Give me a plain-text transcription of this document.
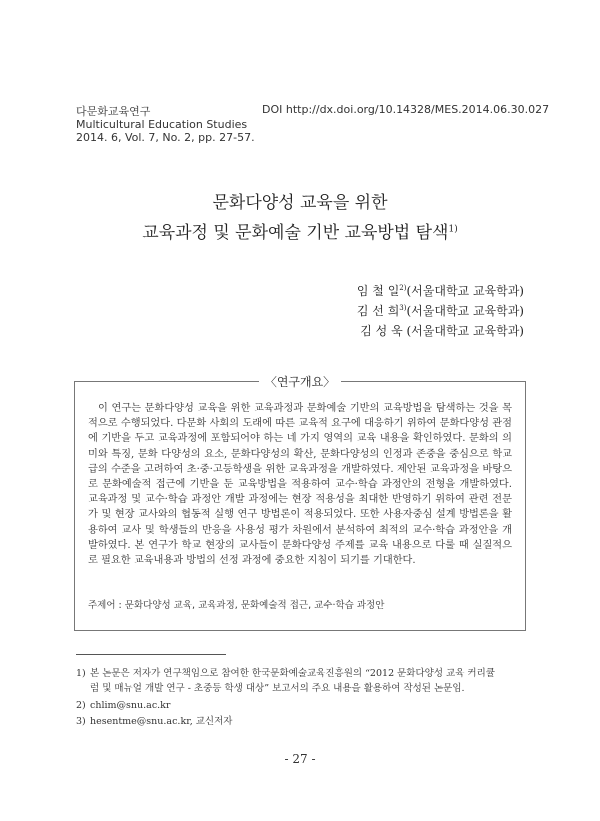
다문화교육연구	DOI http://dx.doi.org/10.14328/MES.2014.06.30.027
Multicultural Education Studies
2014. 6, Vol. 7, No. 2, pp. 27-57.
문화다양성 교육을 위한
교육과정 및 문화예술 기반 교육방법 탐색$^{1)}$
임 철 일$^{2)}$(서울대학교 교육학과)
김 선 희$^{3)}$(서울대학교 교육학과)
김 성 욱 (서울대학교 교육학과)
〈연구개요〉
이 연구는 문화다양성 교육을 위한 교육과정과 문화예술 기반의 교육방법을 탐색하는 것을 목적으로 수행되었다. 다문화 사회의 도래에 따른 교육적 요구에 대응하기 위하여 문화다양성 관점에 기반을 두고 교육과정에 포함되어야 하는 네 가지 영역의 교육 내용을 확인하였다. 문화의 의미와 특징, 문화 다양성의 요소, 문화다양성의 확산, 문화다양성의 인정과 존중을 중심으로 학교급의 수준을 고려하여 초·중·고등학생을 위한 교육과정을 개발하였다. 제안된 교육과정을 바탕으로 문화예술적 접근에 기반을 둔 교육방법을 적용하여 교수·학습 과정안의 전형을 개발하였다. 교육과정 및 교수·학습 과정안 개발 과정에는 현장 적용성을 최대한 반영하기 위하여 관련 전문가 및 현장 교사와의 협동적 실행 연구 방법론이 적용되었다. 또한 사용자중심 설계 방법론을 활용하여 교사 및 학생들의 반응을 사용성 평가 차원에서 분석하여 최적의 교수·학습 과정안을 개발하였다. 본 연구가 학교 현장의 교사들이 문화다양성 주제를 교육 내용으로 다룰 때 실질적으로 필요한 교육내용과 방법의 선정 과정에 중요한 지침이 되기를 기대한다.
주제어 : 문화다양성 교육, 교육과정, 문화예술적 접근, 교수·학습 과정안
1) 본 논문은 저자가 연구책임으로 참여한 한국문화예술교육진흥원의 “2012 문화다양성 교육 커리큘
럼 및 매뉴얼 개발 연구 - 초중등 학생 대상” 보고서의 주요 내용을 활용하여 작성된 논문임.
2) chlim@snu.ac.kr
3) hesentme@snu.ac.kr, 교신저자
- 27 -
